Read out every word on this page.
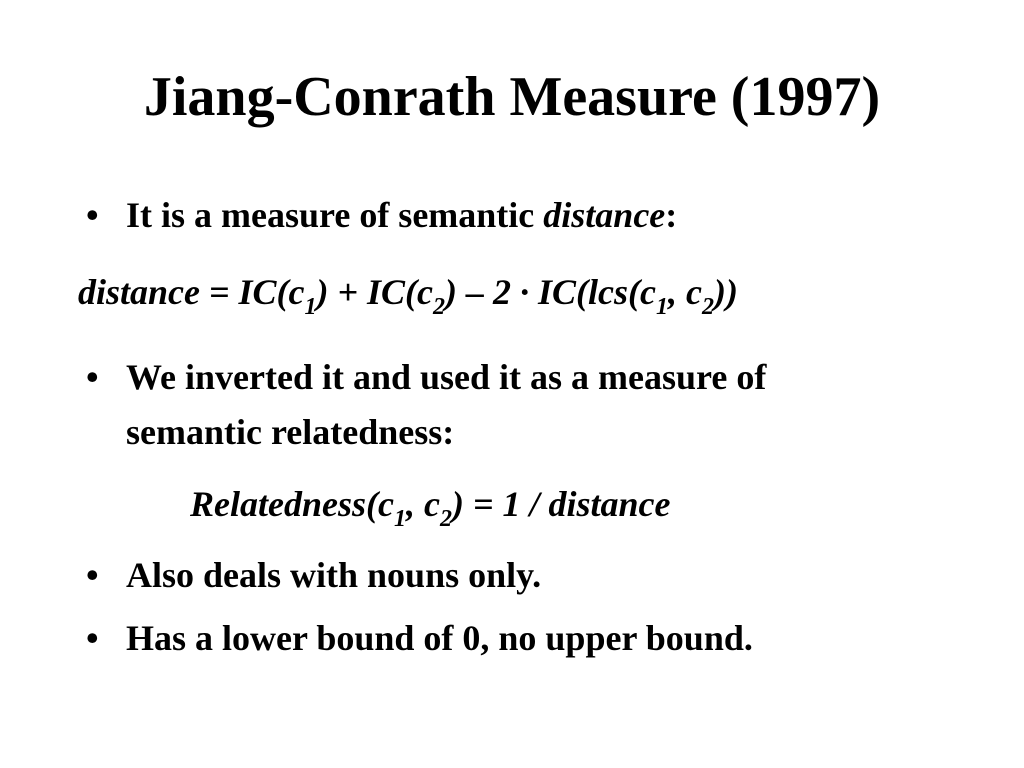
Jiang-Conrath Measure (1997)
• It is a measure of semantic distance:
distance = $IC(c_1) + IC(c_2) - 2 \cdot IC(lcs(c_1$, $c_2$))
• We inverted it and used it as a measure of
semantic relatedness:
$Relatedness(c_1$, $c_2) = 1$ / distance
• Also deals with nouns only.
• Has a lower bound of 0, no upper bound.
